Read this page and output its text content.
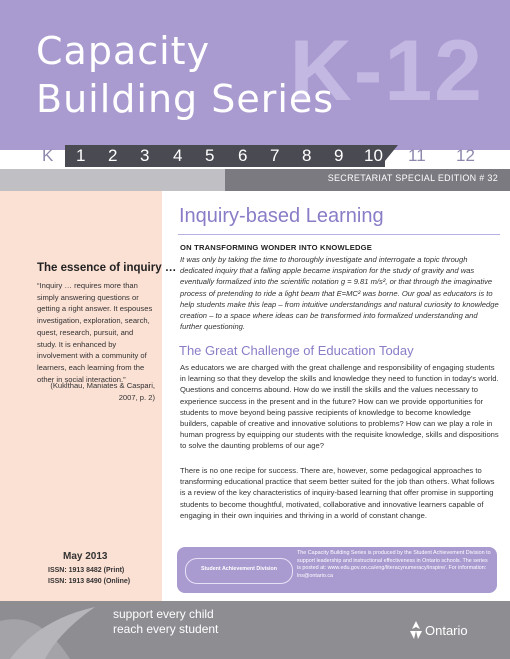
K-12
Capacity
Building Series
K 1 2 3 4 5 6 7 8 9 10 11 12
SECRETARIAT SPECIAL EDITION # 32
The essence of inquiry …
“Inquiry … requires more than simply answering questions or getting a right answer. It espouses investigation, exploration, search, quest, research, pursuit, and study. It is enhanced by involvement with a community of learners, each learning from the other in social interaction.”
(Kuklthau, Maniates & Caspari, 2007, p. 2)
May 2013
ISSN: 1913 8482 (Print)
ISSN: 1913 8490 (Online)
Inquiry-based Learning
ON TRANSFORMING WONDER INTO KNOWLEDGE
It was only by taking the time to thoroughly investigate and interrogate a topic through dedicated inquiry that a falling apple became inspiration for the study of gravity and was eventually formalized into the scientific notation g = 9.81 m/s², or that through the imaginative process of pretending to ride a light beam that E=MC² was borne. Our goal as educators is to help students make this leap – from intuitive understandings and natural curiosity to knowledge creation – to a space where ideas can be transformed into formalized understanding and further questioning.
The Great Challenge of Education Today
As educators we are charged with the great challenge and responsibility of engaging students in learning so that they develop the skills and knowledge they need to function in today’s world. Questions and concerns abound. How do we instill the skills and the values necessary to experience success in the present and in the future? How can we provide opportunities for students to move beyond being passive recipients of knowledge to become knowledge builders, capable of creative and innovative solutions to problems? How can we play a role in human progress by equipping our students with the requisite knowledge, skills and dispositions to solve the daunting problems of our age?
There is no one recipe for success. There are, however, some pedagogical approaches to transforming educational practice that seem better suited for the job than others. What follows is a review of the key characteristics of inquiry-based learning that offer promise in supporting students to become thoughtful, motivated, collaborative and innovative learners capable of engaging in their own inquiries and thriving in a world of constant change.
Student Achievement Division
The Capacity Building Series is produced by the Student Achievement Division to support leadership and instructional effectiveness in Ontario schools. The series is posted at: www.edu.gov.on.ca/eng/literacynumeracy/inspire/. For information: lns@ontario.ca
support every child
reach every student	Ontario
